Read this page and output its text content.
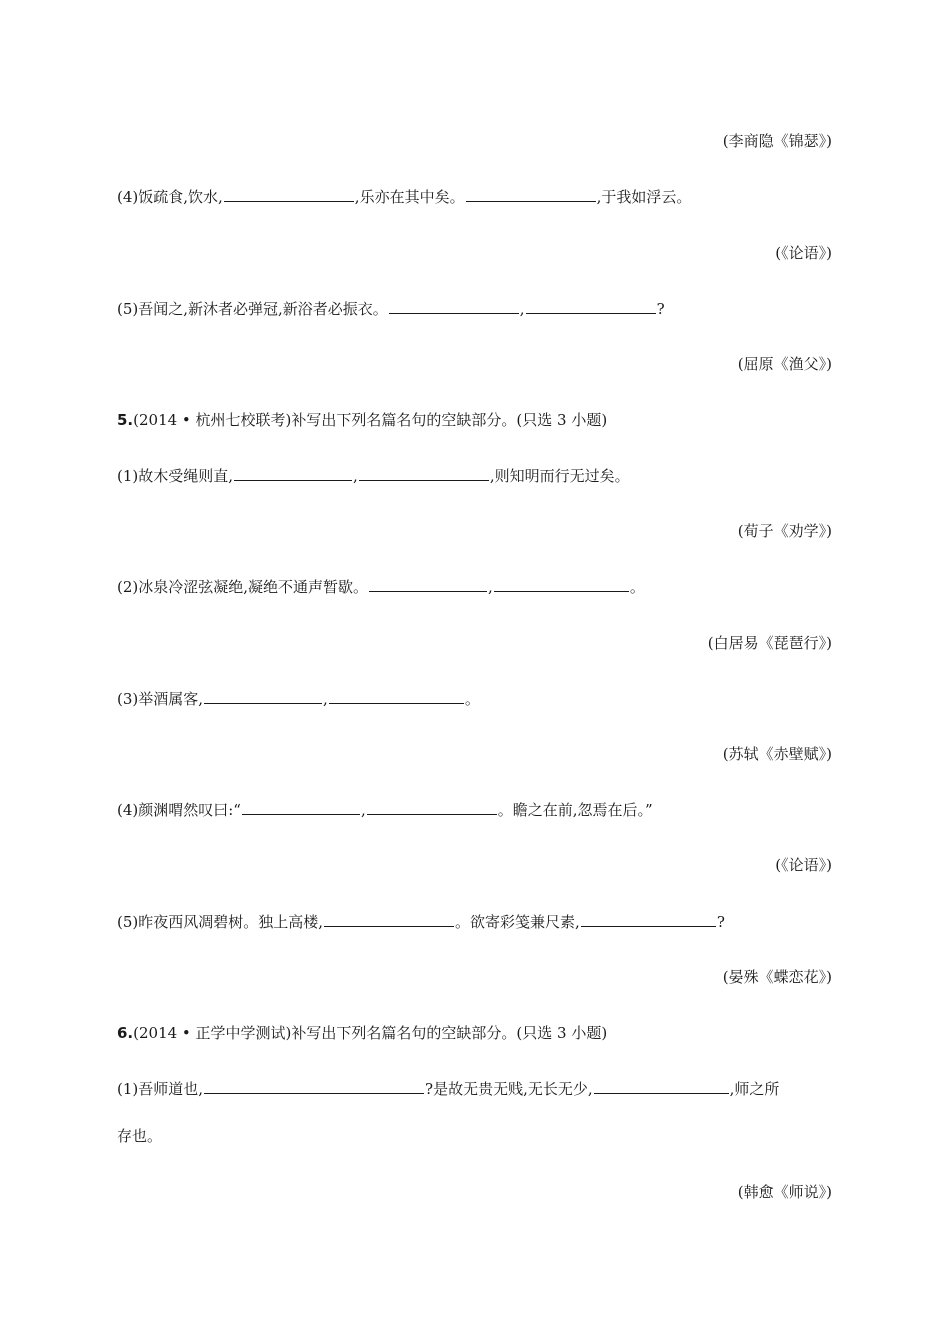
(李商隐《锦瑟》)
(4)饭疏食,饮水,	,乐亦在其中矣。	,于我如浮云。
(《论语》)
(5)吾闻之,新沐者必弹冠,新浴者必振衣。	,	?
(屈原《渔父》)
5.(2014 • 杭州七校联考)补写出下列名篇名句的空缺部分。(只选 3 小题)
(1)故木受绳则直,	,	,则知明而行无过矣。
(荀子《劝学》)
(2)冰泉冷涩弦凝绝,凝绝不通声暂歇。	,	。
(白居易《琵琶行》)
(3)举酒属客,	,	。
(苏轼《赤壁赋》)
(4)颜渊喟然叹曰:“	,	。瞻之在前,忽焉在后。”
(《论语》)
(5)昨夜西风凋碧树。独上高楼,	。欲寄彩笺兼尺素,	?
(晏殊《蝶恋花》)
6.(2014 • 正学中学测试)补写出下列名篇名句的空缺部分。(只选 3 小题)
(1)吾师道也,	?是故无贵无贱,无长无少,	,师之所
存也。
(韩愈《师说》)
